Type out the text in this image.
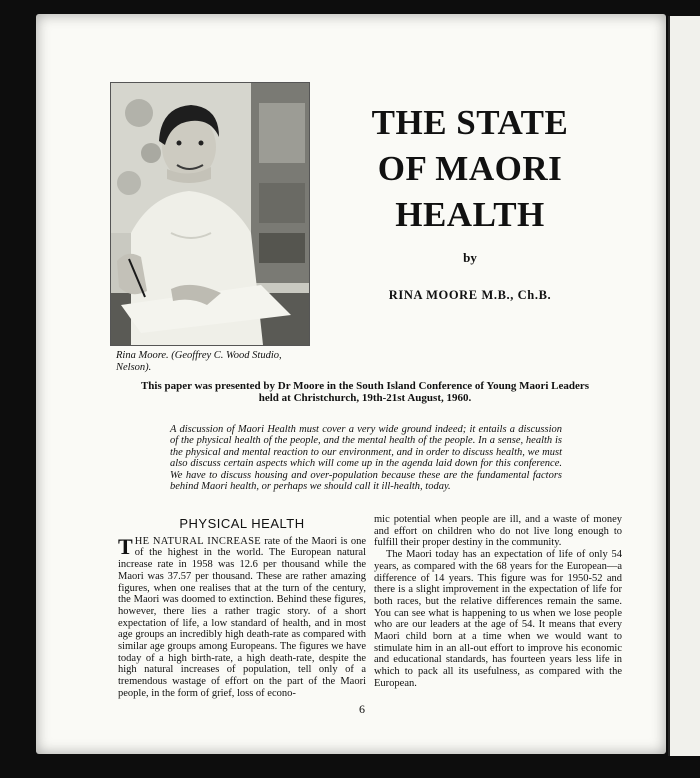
Rina Moore. (Geoffrey C. Wood Studio,
Nelson).
THE STATE
OF MAORI
HEALTH
by
RINA MOORE M.B., Ch.B.
This paper was presented by Dr Moore in the South Island Conference of Young Maori Leaders
held at Christchurch, 19th-21st August, 1960.
A discussion of Maori Health must cover a very wide ground indeed; it entails a discussion of the physical health of the people, and the mental health of the people. In a sense, health is the physical and mental reaction to our environment, and in order to discuss health, we must also discuss certain aspects which will come up in the agenda laid down for this conference. We have to discuss housing and over-population because these are the fundamental factors behind Maori health, or perhaps we should call it ill-health, today.
PHYSICAL HEALTH

THE NATURAL INCREASE rate of the Maori is one of the highest in the world. The European natural increase rate in 1958 was 12.6 per thousand while the Maori was 37.57 per thousand. These are rather amazing figures, when one realises that at the turn of the century, the Maori was doomed to extinction. Behind these figures, however, there lies a rather tragic story. of a short expectation of life, a low standard of health, and in most age groups an incredibly high death-rate as compared with similar age groups among Europeans. The figures we have today of a high birth-rate, a high death-rate, despite the high natural increases of population, tell only of a tremendous wastage of effort on the part of the Maori people, in the form of grief, loss of econo-

mic potential when people are ill, and a waste of money and effort on children who do not live long enough to fulfill their proper destiny in the community.

The Maori today has an expectation of life of only 54 years, as compared with the 68 years for the European—a difference of 14 years. This figure was for 1950-52 and there is a slight improvement in the expectation of life for both races, but the relative differences remain the same. You can see what is happening to us when we lose people who are our leaders at the age of 54. It means that every Maori child born at a time when we would want to stimulate him in an all-out effort to improve his economic and educational standards, has fourteen years less life in which to pack all its usefulness, as compared with the European.

6
